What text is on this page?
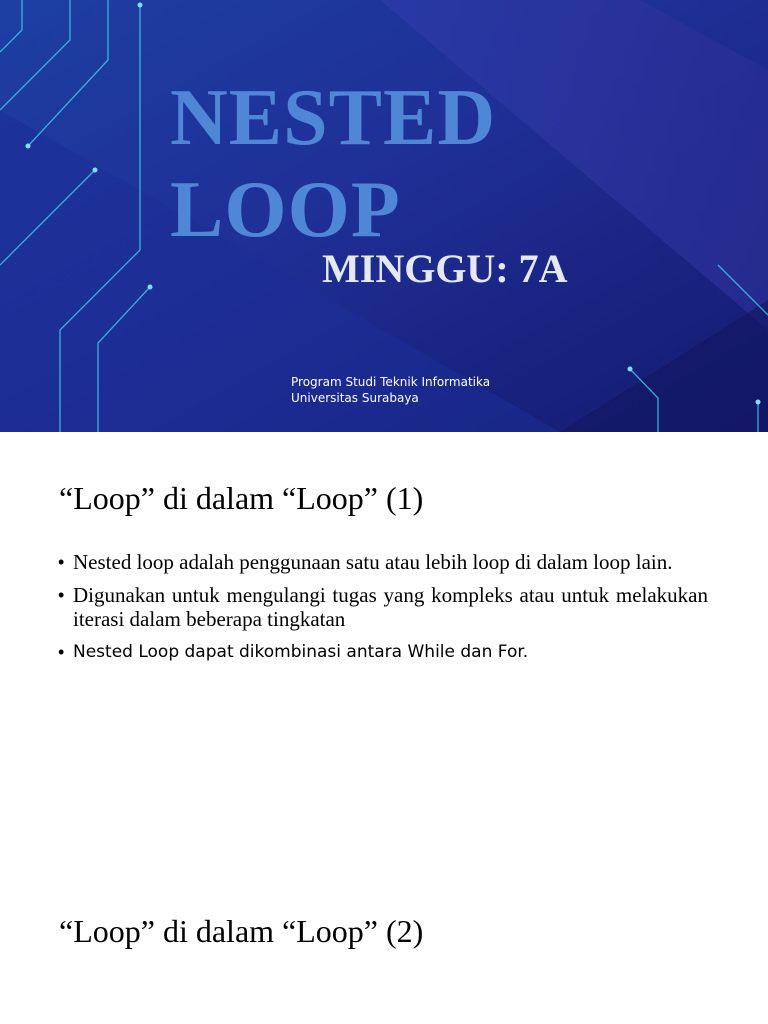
NESTED
LOOP
MINGGU: 7A
Program Studi Teknik Informatika
Universitas Surabaya
“Loop” di dalam “Loop” (1)
• Nested loop adalah penggunaan satu atau lebih loop di dalam loop lain.
• Digunakan untuk mengulangi tugas yang kompleks atau untuk melakukan iterasi dalam beberapa tingkatan
• Nested Loop dapat dikombinasi antara While dan For.
“Loop” di dalam “Loop” (2)
